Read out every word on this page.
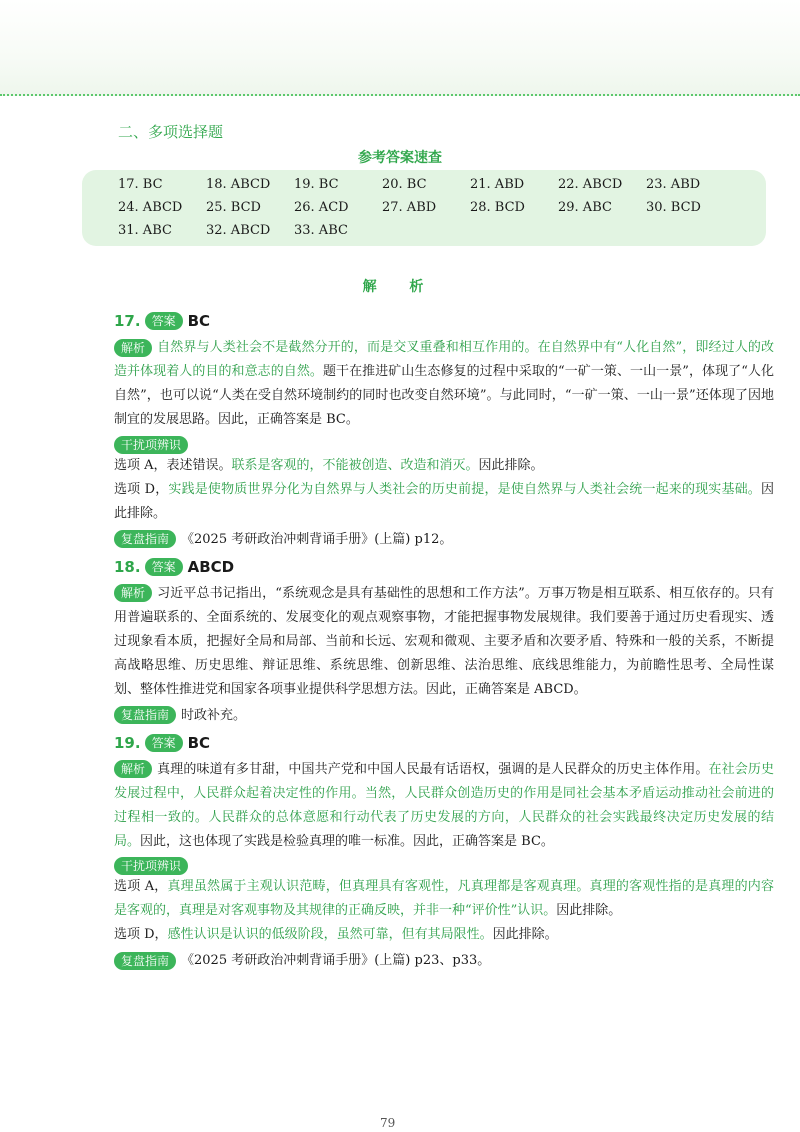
二、多项选择题
参考答案速查
17. BC	18. ABCD 19. BC	20. BC	21. ABD	22. ABCD 23. ABD
24. ABCD 25. BCD	26. ACD	27. ABD	28. BCD	29. ABC	30. BCD
31. ABC	32. ABCD 33. ABC
解 析
17. 答案 BC

解析 自然界与人类社会不是截然分开的，而是交叉重叠和相互作用的。在自然界中有“人化自然”，即经过人的改造并体现着人的目的和意志的自然。题干在推进矿山生态修复的过程中采取的“一矿一策、一山一景”，体现了“人化自然”，也可以说“人类在受自然环境制约的同时也改变自然环境”。与此同时，“一矿一策、一山一景”还体现了因地制宜的发展思路。因此，正确答案是 BC。

干扰项辨识

选项 A，表述错误。联系是客观的，不能被创造、改造和消灭。因此排除。

选项 D，实践是使物质世界分化为自然界与人类社会的历史前提，是使自然界与人类社会统一起来的现实基础。因此排除。

复盘指南 《2025 考研政治冲刺背诵手册》(上篇) p12。

18. 答案 ABCD

解析 习近平总书记指出，“系统观念是具有基础性的思想和工作方法”。万事万物是相互联系、相互依存的。只有用普遍联系的、全面系统的、发展变化的观点观察事物，才能把握事物发展规律。我们要善于通过历史看现实、透过现象看本质，把握好全局和局部、当前和长远、宏观和微观、主要矛盾和次要矛盾、特殊和一般的关系，不断提高战略思维、历史思维、辩证思维、系统思维、创新思维、法治思维、底线思维能力，为前瞻性思考、全局性谋划、整体性推进党和国家各项事业提供科学思想方法。因此，正确答案是 ABCD。

复盘指南 时政补充。

19. 答案 BC

解析 真理的味道有多甘甜，中国共产党和中国人民最有话语权，强调的是人民群众的历史主体作用。在社会历史发展过程中，人民群众起着决定性的作用。当然，人民群众创造历史的作用是同社会基本矛盾运动推动社会前进的过程相一致的。人民群众的总体意愿和行动代表了历史发展的方向，人民群众的社会实践最终决定历史发展的结局。因此，这也体现了实践是检验真理的唯一标准。因此，正确答案是 BC。

干扰项辨识

选项 A，真理虽然属于主观认识范畴，但真理具有客观性，凡真理都是客观真理。真理的客观性指的是真理的内容是客观的，真理是对客观事物及其规律的正确反映，并非一种“评价性”认识。因此排除。

选项 D，感性认识是认识的低级阶段，虽然可靠，但有其局限性。因此排除。

复盘指南 《2025 考研政治冲刺背诵手册》(上篇) p23、p33。

79
